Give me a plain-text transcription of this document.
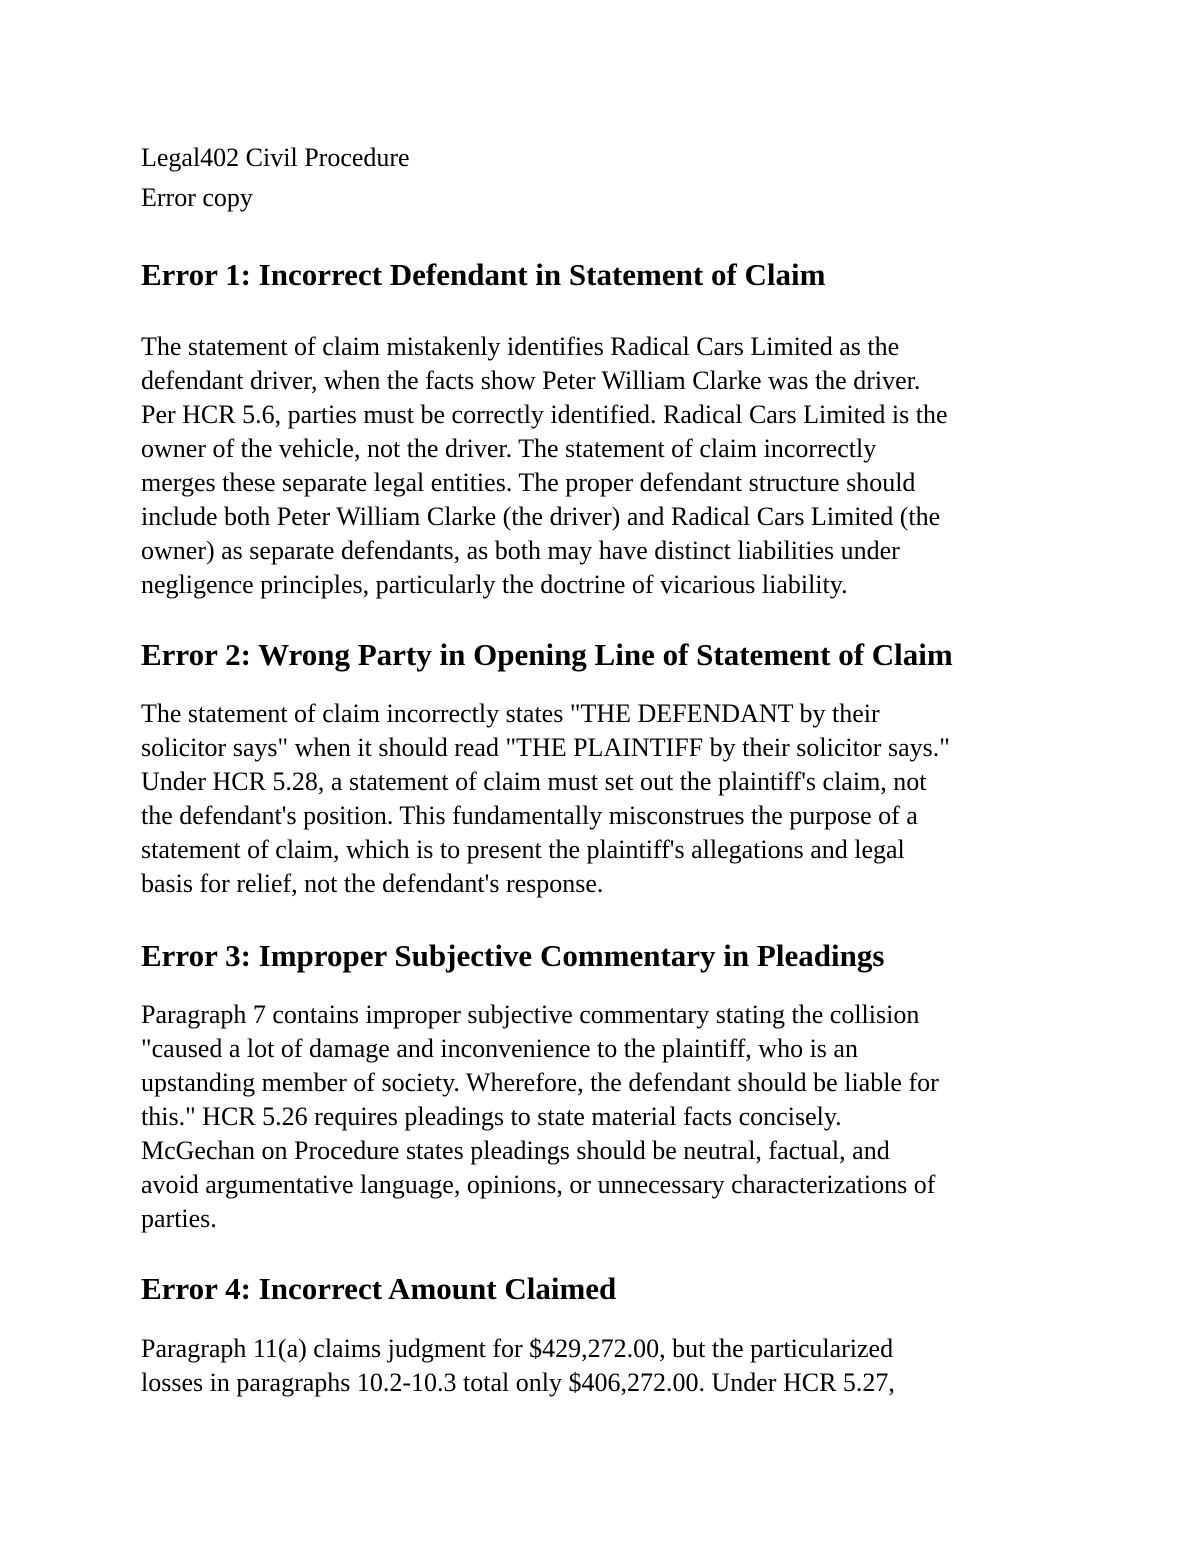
Legal402 Civil Procedure
Error copy
Error 1: Incorrect Defendant in Statement of Claim
The statement of claim mistakenly identifies Radical Cars Limited as the
defendant driver, when the facts show Peter William Clarke was the driver.
Per HCR 5.6, parties must be correctly identified. Radical Cars Limited is the
owner of the vehicle, not the driver. The statement of claim incorrectly
merges these separate legal entities. The proper defendant structure should
include both Peter William Clarke (the driver) and Radical Cars Limited (the
owner) as separate defendants, as both may have distinct liabilities under
negligence principles, particularly the doctrine of vicarious liability.
Error 2: Wrong Party in Opening Line of Statement of Claim
The statement of claim incorrectly states "THE DEFENDANT by their
solicitor says" when it should read "THE PLAINTIFF by their solicitor says."
Under HCR 5.28, a statement of claim must set out the plaintiff's claim, not
the defendant's position. This fundamentally misconstrues the purpose of a
statement of claim, which is to present the plaintiff's allegations and legal
basis for relief, not the defendant's response.
Error 3: Improper Subjective Commentary in Pleadings
Paragraph 7 contains improper subjective commentary stating the collision
"caused a lot of damage and inconvenience to the plaintiff, who is an
upstanding member of society. Wherefore, the defendant should be liable for
this." HCR 5.26 requires pleadings to state material facts concisely.
McGechan on Procedure states pleadings should be neutral, factual, and
avoid argumentative language, opinions, or unnecessary characterizations of
parties.
Error 4: Incorrect Amount Claimed
Paragraph 11(a) claims judgment for $429,272.00, but the particularized
losses in paragraphs 10.2-10.3 total only $406,272.00. Under HCR 5.27,
